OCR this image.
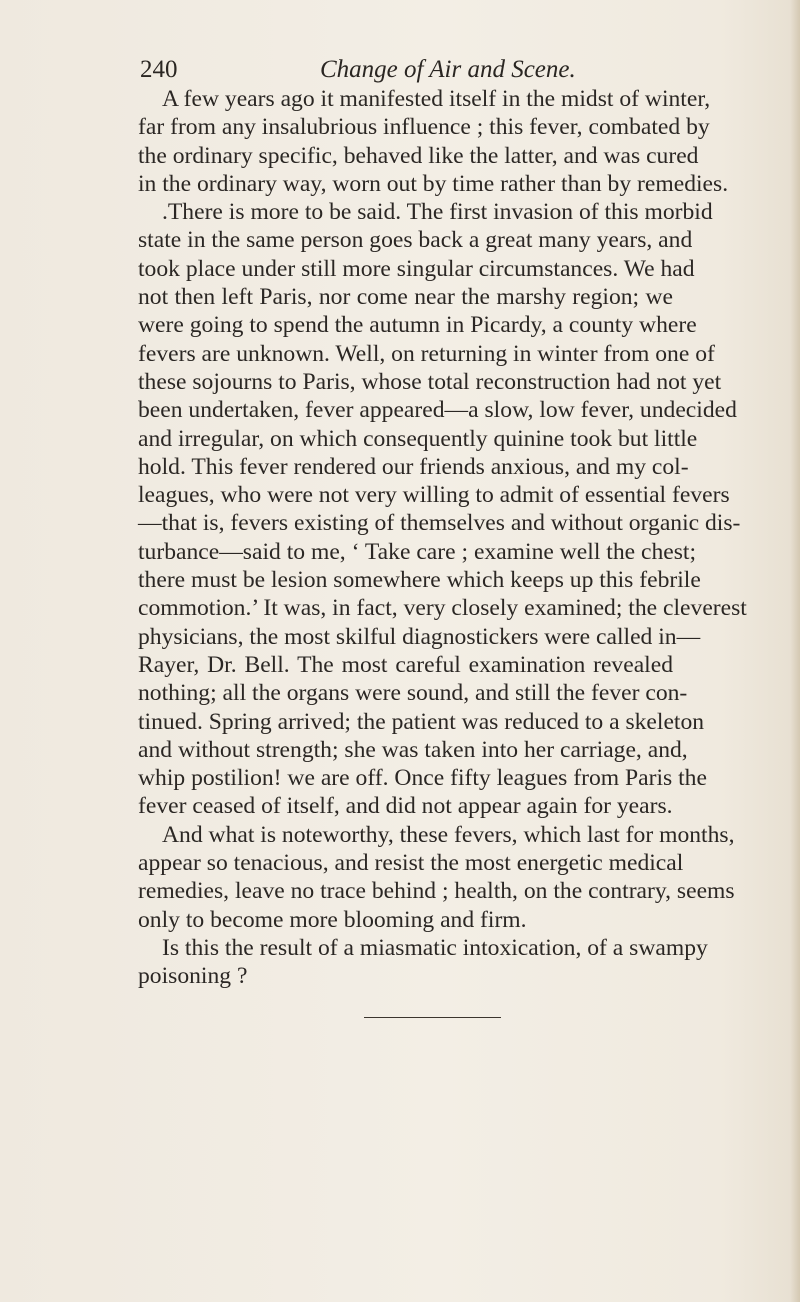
240	Change of Air and Scene.
A few years ago it manifested itself in the midst of winter,
far from any insalubrious influence ; this fever, combated by
the ordinary specific, behaved like the latter, and was cured
in the ordinary way, worn out by time rather than by remedies.
.There is more to be said. The first invasion of this morbid
state in the same person goes back a great many years, and
took place under still more singular circumstances. We had
not then left Paris, nor come near the marshy region; we
were going to spend the autumn in Picardy, a county where
fevers are unknown. Well, on returning in winter from one of
these sojourns to Paris, whose total reconstruction had not yet
been undertaken, fever appeared—a slow, low fever, undecided
and irregular, on which consequently quinine took but little
hold. This fever rendered our friends anxious, and my col-
leagues, who were not very willing to admit of essential fevers
—that is, fevers existing of themselves and without organic dis-
turbance—said to me, ‘ Take care ; examine well the chest;
there must be lesion somewhere which keeps up this febrile
commotion.’ It was, in fact, very closely examined; the cleverest
physicians, the most skilful diagnostickers were called in—
Rayer, Dr. Bell. The most careful examination revealed
nothing; all the organs were sound, and still the fever con-
tinued. Spring arrived; the patient was reduced to a skeleton
and without strength; she was taken into her carriage, and,
whip postilion! we are off. Once fifty leagues from Paris the
fever ceased of itself, and did not appear again for years.
And what is noteworthy, these fevers, which last for months,
appear so tenacious, and resist the most energetic medical
remedies, leave no trace behind ; health, on the contrary, seems
only to become more blooming and firm.
Is this the result of a miasmatic intoxication, of a swampy
poisoning ?
